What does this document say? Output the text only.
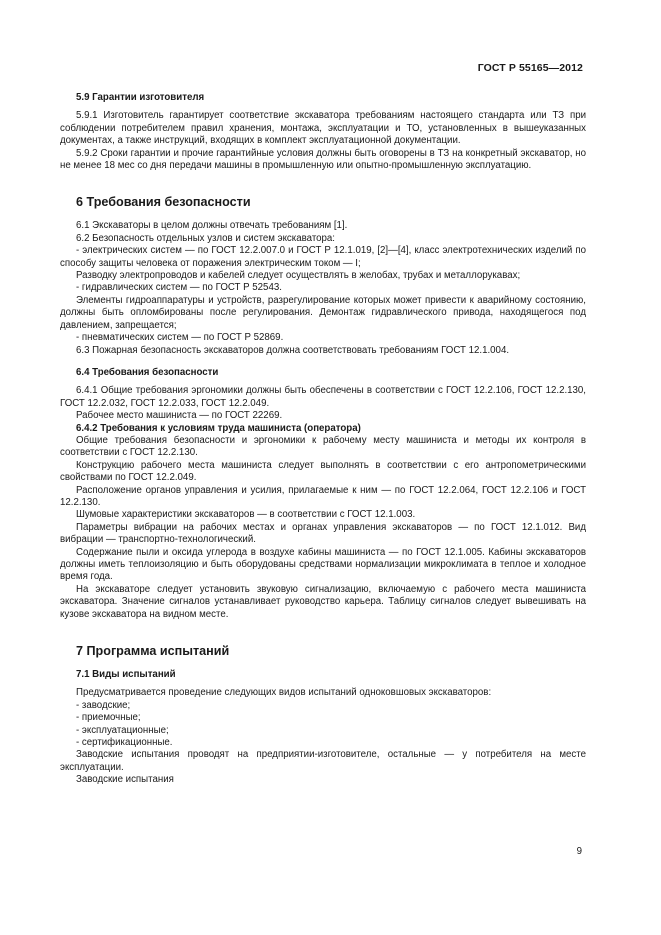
ГОСТ Р 55165—2012
5.9 Гарантии изготовителя

5.9.1 Изготовитель гарантирует соответствие экскаватора требованиям настоящего стандарта или ТЗ при соблюдении потребителем правил хранения, монтажа, эксплуатации и ТО, установленных в вышеуказанных документах, а также инструкций, входящих в комплект эксплуатационной документации.

5.9.2 Сроки гарантии и прочие гарантийные условия должны быть оговорены в ТЗ на конкретный экскаватор, но не менее 18 мес со дня передачи машины в промышленную или опытно-промышленную эксплуатацию.

6 Требования безопасности

6.1 Экскаваторы в целом должны отвечать требованиям [1].

6.2 Безопасность отдельных узлов и систем экскаватора:

- электрических систем — по ГОСТ 12.2.007.0 и ГОСТ Р 12.1.019, [2]—[4], класс электротехнических изделий по способу защиты человека от поражения электрическим током — I;

Разводку электропроводов и кабелей следует осуществлять в желобах, трубах и металлорукавах;

- гидравлических систем — по ГОСТ Р 52543.

Элементы гидроаппаратуры и устройств, разрегулирование которых может привести к аварийному состоянию, должны быть опломбированы после регулирования. Демонтаж гидравлического привода, находящегося под давлением, запрещается;

- пневматических систем — по ГОСТ Р 52869.

6.3 Пожарная безопасность экскаваторов должна соответствовать требованиям ГОСТ 12.1.004.

6.4 Требования безопасности

6.4.1 Общие требования эргономики должны быть обеспечены в соответствии с ГОСТ 12.2.106, ГОСТ 12.2.130, ГОСТ 12.2.032, ГОСТ 12.2.033, ГОСТ 12.2.049.

Рабочее место машиниста — по ГОСТ 22269.

6.4.2 Требования к условиям труда машиниста (оператора)

Общие требования безопасности и эргономики к рабочему месту машиниста и методы их контроля в соответствии с ГОСТ 12.2.130.

Конструкцию рабочего места машиниста следует выполнять в соответствии с его антропометрическими свойствами по ГОСТ 12.2.049.

Расположение органов управления и усилия, прилагаемые к ним — по ГОСТ 12.2.064, ГОСТ 12.2.106 и ГОСТ 12.2.130.

Шумовые характеристики экскаваторов — в соответствии с ГОСТ 12.1.003.

Параметры вибрации на рабочих местах и органах управления экскаваторов — по ГОСТ 12.1.012. Вид вибрации — транспортно-технологический.

Содержание пыли и оксида углерода в воздухе кабины машиниста — по ГОСТ 12.1.005. Кабины экскаваторов должны иметь теплоизоляцию и быть оборудованы средствами нормализации микроклимата в теплое и холодное время года.

На экскаваторе следует установить звуковую сигнализацию, включаемую с рабочего места машиниста экскаватора. Значение сигналов устанавливает руководство карьера. Таблицу сигналов следует вывешивать на кузове экскаватора на видном месте.

7 Программа испытаний
7.1 Виды испытаний

Предусматривается проведение следующих видов испытаний одноковшовых экскаваторов:

- заводские;

- приемочные;

- эксплуатационные;

- сертификационные.

Заводские испытания проводят на предприятии-изготовителе, остальные — у потребителя на месте эксплуатации.

Заводские испытания

9
